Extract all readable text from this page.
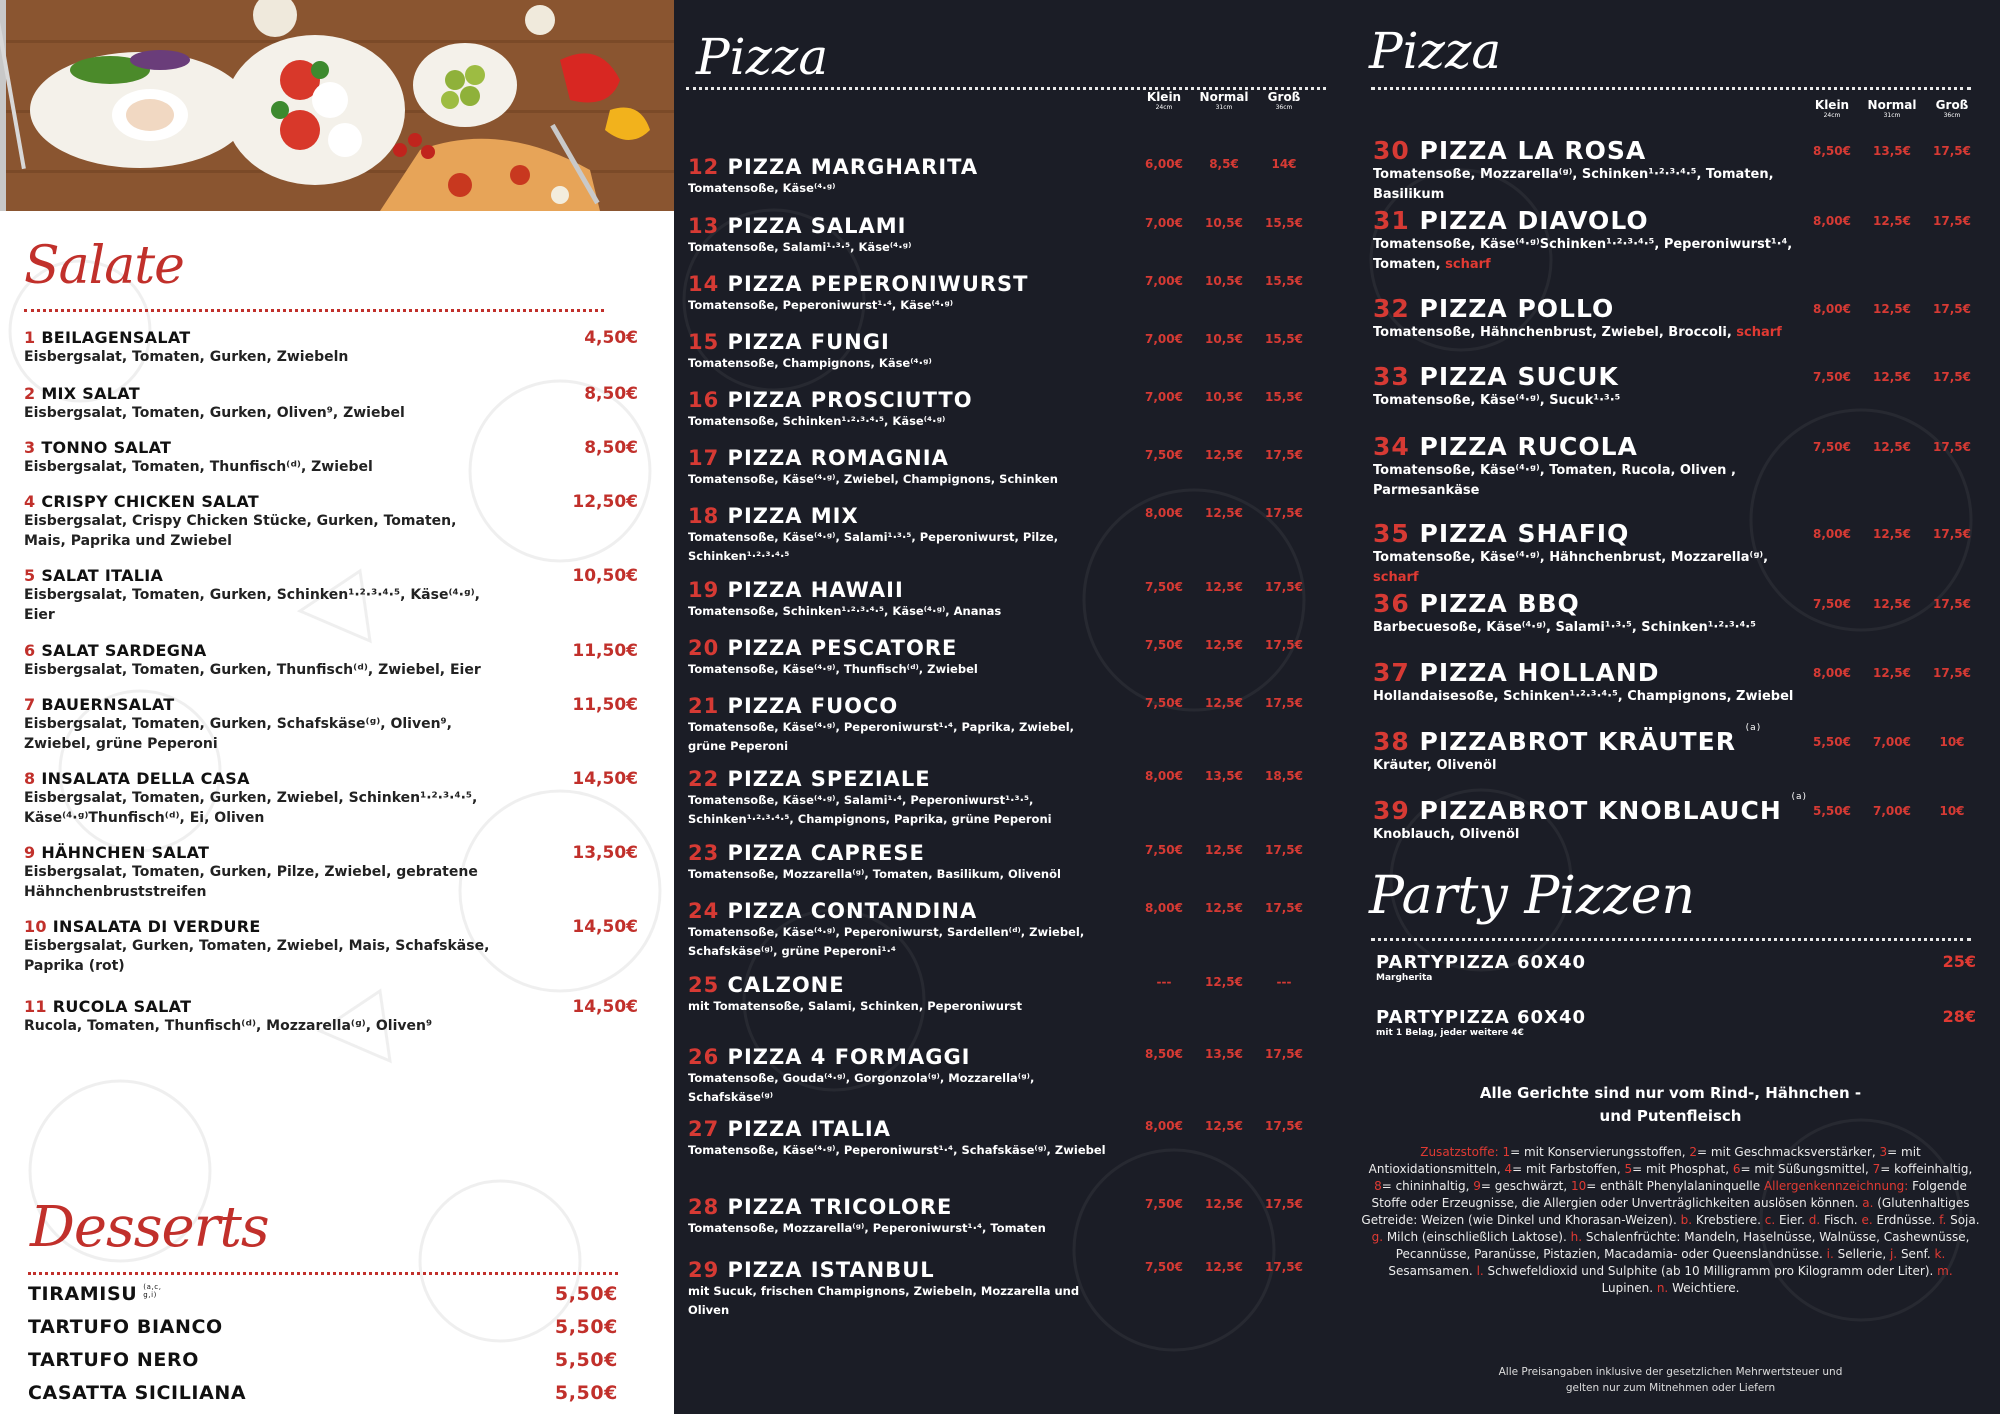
Salate
1 BEILAGENSALAT
Eisbergsalat, Tomaten, Gurken, Zwiebeln
4,50€
2 MIX SALAT
Eisbergsalat, Tomaten, Gurken, Oliven⁹, Zwiebel
8,50€
3 TONNO SALAT
Eisbergsalat, Tomaten, Thunfisch⁽ᵈ⁾, Zwiebel
8,50€
4 CRISPY CHICKEN SALAT
Eisbergsalat, Crispy Chicken Stücke, Gurken, Tomaten, Mais, Paprika und Zwiebel
12,50€
5 SALAT ITALIA
Eisbergsalat, Tomaten, Gurken, Schinken¹·²·³·⁴·⁵, Käse⁽⁴·ᵍ⁾, Eier
10,50€
6 SALAT SARDEGNA
Eisbergsalat, Tomaten, Gurken, Thunfisch⁽ᵈ⁾, Zwiebel, Eier
11,50€
7 BAUERNSALAT
Eisbergsalat, Tomaten, Gurken, Schafskäse⁽ᵍ⁾, Oliven⁹, Zwiebel, grüne Peperoni
11,50€
8 INSALATA DELLA CASA
Eisbergsalat, Tomaten, Gurken, Zwiebel, Schinken¹·²·³·⁴·⁵, Käse⁽⁴·ᵍ⁾Thunfisch⁽ᵈ⁾, Ei, Oliven
14,50€
9 HÄHNCHEN SALAT
Eisbergsalat, Tomaten, Gurken, Pilze, Zwiebel, gebratene Hähnchenbruststreifen
13,50€
10 INSALATA DI VERDURE
Eisbergsalat, Gurken, Tomaten, Zwiebel, Mais, Schafskäse, Paprika (rot)
14,50€
11 RUCOLA SALAT
Rucola, Tomaten, Thunfisch⁽ᵈ⁾, Mozzarella⁽ᵍ⁾, Oliven⁹
14,50€
Desserts
TIRAMISU (a,c, g,i)	5,50€
TARTUFO BIANCO	5,50€
TARTUFO NERO	5,50€
CASATTA SICILIANA	5,50€
Pizza
Klein
24cm
Normal
31cm
Groß
36cm
12 PIZZA MARGHARITA
Tomatensoße, Käse⁽⁴·ᵍ⁾
6,00€	8,5€	14€
13 PIZZA SALAMI
Tomatensoße, Salami¹·³·⁵, Käse⁽⁴·ᵍ⁾
7,00€	10,5€	15,5€
14 PIZZA PEPERONIWURST
Tomatensoße, Peperoniwurst¹·⁴, Käse⁽⁴·ᵍ⁾
7,00€	10,5€	15,5€
15 PIZZA FUNGI
Tomatensoße, Champignons, Käse⁽⁴·ᵍ⁾
7,00€	10,5€	15,5€
16 PIZZA PROSCIUTTO
Tomatensoße, Schinken¹·²·³·⁴·⁵, Käse⁽⁴·ᵍ⁾
7,00€	10,5€	15,5€
17 PIZZA ROMAGNIA
Tomatensoße, Käse⁽⁴·ᵍ⁾, Zwiebel, Champignons, Schinken
7,50€	12,5€	17,5€
18 PIZZA MIX
Tomatensoße, Käse⁽⁴·ᵍ⁾, Salami¹·³·⁵, Peperoniwurst, Pilze, Schinken¹·²·³·⁴·⁵
8,00€	12,5€	17,5€
19 PIZZA HAWAII
Tomatensoße, Schinken¹·²·³·⁴·⁵, Käse⁽⁴·ᵍ⁾, Ananas
7,50€	12,5€	17,5€
20 PIZZA PESCATORE
Tomatensoße, Käse⁽⁴·ᵍ⁾, Thunfisch⁽ᵈ⁾, Zwiebel
7,50€	12,5€	17,5€
21 PIZZA FUOCO
Tomatensoße, Käse⁽⁴·ᵍ⁾, Peperoniwurst¹·⁴, Paprika, Zwiebel, grüne Peperoni
7,50€	12,5€	17,5€
22 PIZZA SPEZIALE
Tomatensoße, Käse⁽⁴·ᵍ⁾, Salami¹·⁴, Peperoniwurst¹·³·⁵, Schinken¹·²·³·⁴·⁵, Champignons, Paprika, grüne Peperoni
8,00€	13,5€	18,5€
23 PIZZA CAPRESE
Tomatensoße, Mozzarella⁽ᵍ⁾, Tomaten, Basilikum, Olivenöl
7,50€	12,5€	17,5€
24 PIZZA CONTANDINA
Tomatensoße, Käse⁽⁴·ᵍ⁾, Peperoniwurst, Sardellen⁽ᵈ⁾, Zwiebel, Schafskäse⁽ᵍ⁾, grüne Peperoni¹·⁴
8,00€	12,5€	17,5€
25 CALZONE
mit Tomatensoße, Salami, Schinken, Peperoniwurst
---	12,5€	---
26 PIZZA 4 FORMAGGI
Tomatensoße, Gouda⁽⁴·ᵍ⁾, Gorgonzola⁽ᵍ⁾, Mozzarella⁽ᵍ⁾, Schafskäse⁽ᵍ⁾
8,50€	13,5€	17,5€
27 PIZZA ITALIA
Tomatensoße, Käse⁽⁴·ᵍ⁾, Peperoniwurst¹·⁴, Schafskäse⁽ᵍ⁾, Zwiebel
8,00€	12,5€	17,5€
28 PIZZA TRICOLORE
Tomatensoße, Mozzarella⁽ᵍ⁾, Peperoniwurst¹·⁴, Tomaten
7,50€	12,5€	17,5€
29 PIZZA ISTANBUL
mit Sucuk, frischen Champignons, Zwiebeln, Mozzarella und Oliven
7,50€	12,5€	17,5€
Pizza
Klein
24cm
Normal
31cm
Groß
36cm
30 PIZZA LA ROSA
Tomatensoße, Mozzarella⁽ᵍ⁾, Schinken¹·²·³·⁴·⁵, Tomaten, Basilikum
8,50€	13,5€	17,5€
31 PIZZA DIAVOLO
Tomatensoße, Käse⁽⁴·ᵍ⁾Schinken¹·²·³·⁴·⁵, Peperoniwurst¹·⁴, Tomaten, scharf
8,00€	12,5€	17,5€
32 PIZZA POLLO
Tomatensoße, Hähnchenbrust, Zwiebel, Broccoli, scharf
8,00€	12,5€	17,5€
33 PIZZA SUCUK
Tomatensoße, Käse⁽⁴·ᵍ⁾, Sucuk¹·³·⁵
7,50€	12,5€	17,5€
34 PIZZA RUCOLA
Tomatensoße, Käse⁽⁴·ᵍ⁾, Tomaten, Rucola, Oliven , Parmesankäse
7,50€	12,5€	17,5€
35 PIZZA SHAFIQ
Tomatensoße, Käse⁽⁴·ᵍ⁾, Hähnchenbrust, Mozzarella⁽ᵍ⁾, scharf
8,00€	12,5€	17,5€
36 PIZZA BBQ
Barbecuesoße, Käse⁽⁴·ᵍ⁾, Salami¹·³·⁵, Schinken¹·²·³·⁴·⁵
7,50€	12,5€	17,5€
37 PIZZA HOLLAND
Hollandaisesoße, Schinken¹·²·³·⁴·⁵, Champignons, Zwiebel
8,00€	12,5€	17,5€
38 PIZZABROT KRÄUTER $^{(a)}$
Kräuter, Olivenöl
5,50€	7,00€	10€
39 PIZZABROT KNOBLAUCH $^{(a)}$
Knoblauch, Olivenöl
5,50€	7,00€	10€
Party Pizzen
PARTYPIZZA 60X40
Margherita
25€
PARTYPIZZA 60X40
mit 1 Belag, jeder weitere 4€
28€
Alle Gerichte sind nur vom Rind-, Hähnchen - und Putenfleisch
Zusatzstoffe: 1= mit Konservierungsstoffen, 2= mit Geschmacksverstärker, 3= mit Antioxidationsmitteln, 4= mit Farbstoffen, 5= mit Phosphat, 6= mit Süßungsmittel, 7= koffeinhaltig, 8= chininhaltig, 9= geschwärzt, 10= enthält Phenylalaninquelle Allergenkennzeichnung: Folgende Stoffe oder Erzeugnisse, die Allergien oder Unverträglichkeiten auslösen können. a. (Glutenhaltiges Getreide: Weizen (wie Dinkel und Khorasan-Weizen). b. Krebstiere. c. Eier. d. Fisch. e. Erdnüsse. f. Soja. g. Milch (einschließlich Laktose). h. Schalenfrüchte: Mandeln, Haselnüsse, Walnüsse, Cashewnüsse, Pecannüsse, Paranüsse, Pistazien, Macadamia- oder Queenslandnüsse. i. Sellerie, j. Senf. k. Sesamsamen. l. Schwefeldioxid und Sulphite (ab 10 Milligramm pro Kilogramm oder Liter). m. Lupinen. n. Weichtiere.
Alle Preisangaben inklusive der gesetzlichen Mehrwertsteuer und gelten nur zum Mitnehmen oder Liefern
